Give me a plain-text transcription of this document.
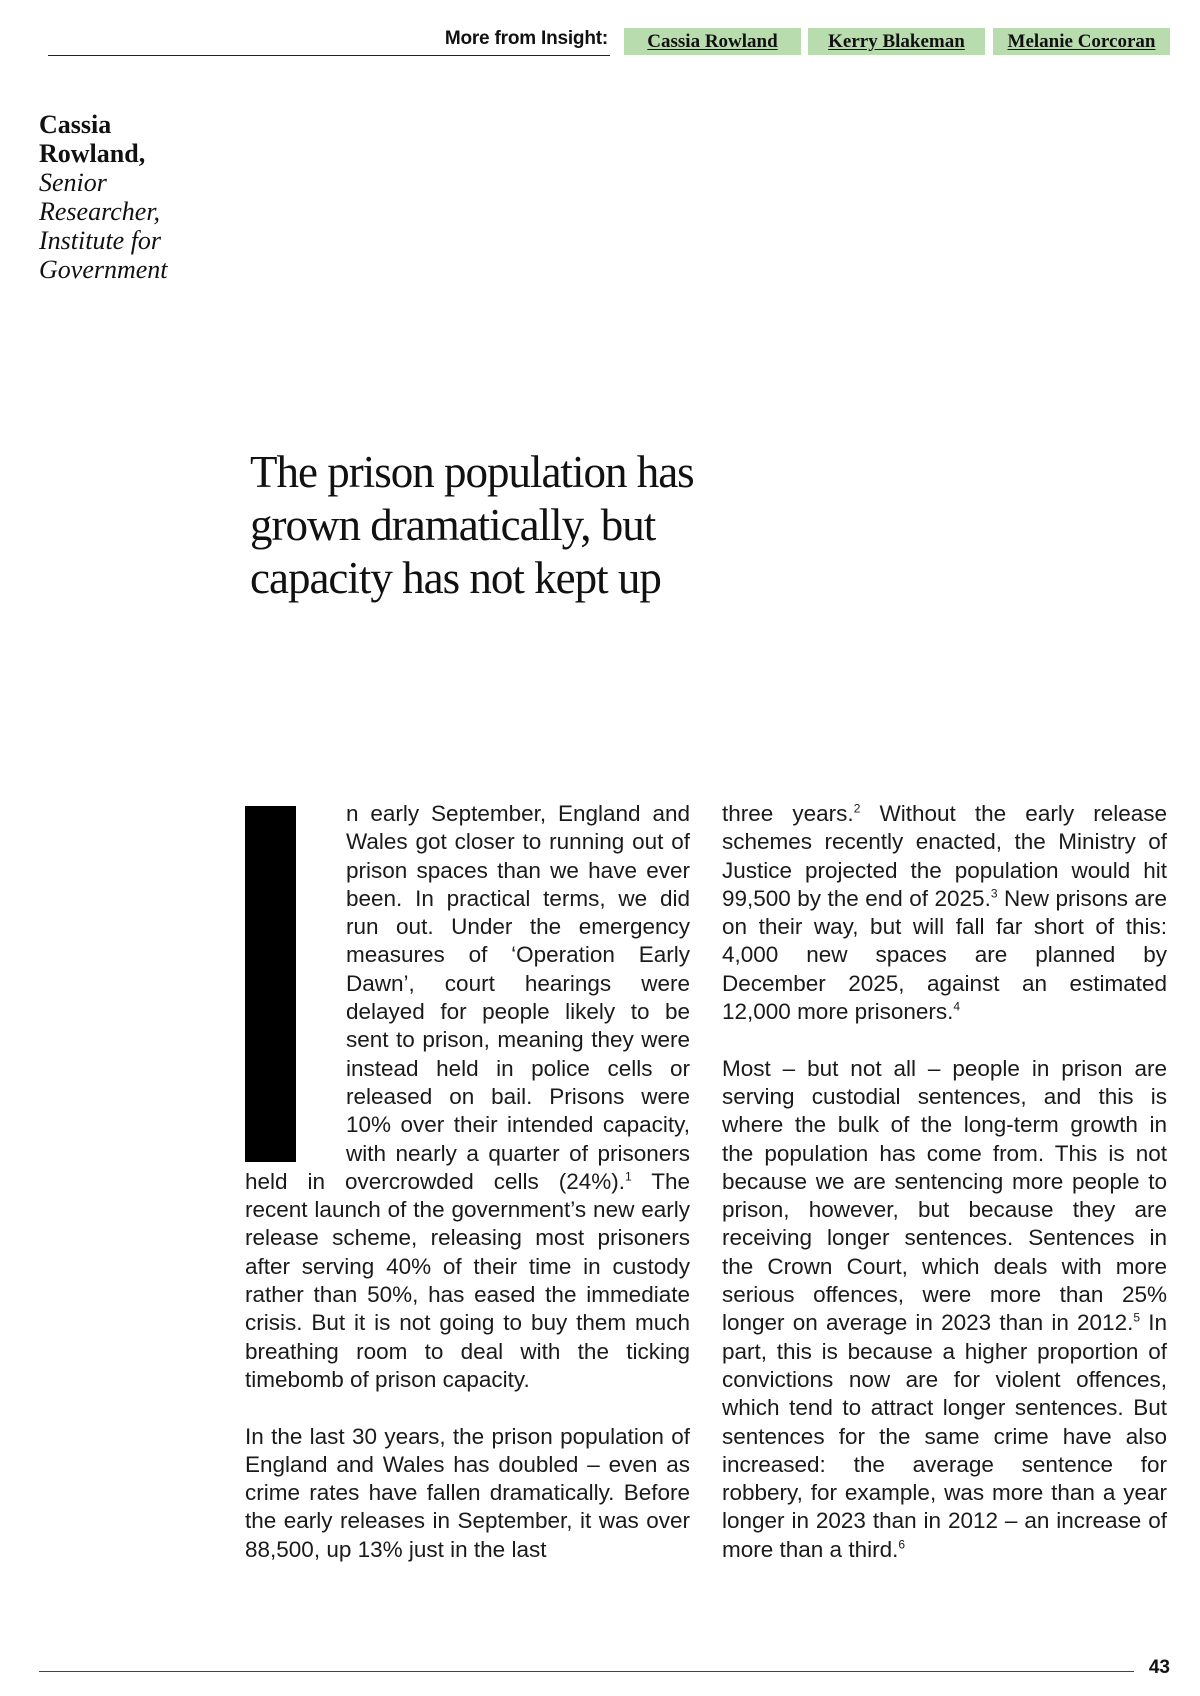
More from Insight:	Cassia Rowland	Kerry Blakeman	Melanie Corcoran
Cassia
Rowland,
Senior
Researcher,
Institute for
Government
The prison population has grown dramatically, but capacity has not kept up

n early September, England and Wales got closer to running out of prison spaces than we have ever been. In practical terms, we did run out. Under the emergency measures of ‘Operation Early Dawn’, court hearings were delayed for people likely to be sent to prison, meaning they were instead held in police cells or released on bail. Prisons were 10% over their intended capacity, with nearly a quarter of prisoners held in overcrowded cells (24%).$^1$ The recent launch of the government’s new early release scheme, releasing most prisoners after serving 40% of their time in custody rather than 50%, has eased the immediate crisis. But it is not going to buy them much breathing room to deal with the ticking timebomb of prison capacity.

In the last 30 years, the prison population of England and Wales has doubled – even as crime rates have fallen dramatically. Before the early releases in September, it was over 88,500, up 13% just in the last

three years.$^2$ Without the early release schemes recently enacted, the Ministry of Justice projected the population would hit 99,500 by the end of 2025.$^3$ New prisons are on their way, but will fall far short of this: 4,000 new spaces are planned by December 2025, against an estimated 12,000 more prisoners.$^4$

Most – but not all – people in prison are serving custodial sentences, and this is where the bulk of the long-term growth in the population has come from. This is not because we are sentencing more people to prison, however, but because they are receiving longer sentences. Sentences in the Crown Court, which deals with more serious offences, were more than 25% longer on average in 2023 than in 2012.$^5$ In part, this is because a higher proportion of convictions now are for violent offences, which tend to attract longer sentences. But sentences for the same crime have also increased: the average sentence for robbery, for example, was more than a year longer in 2023 than in 2012 – an increase of more than a third.$^6$

43
